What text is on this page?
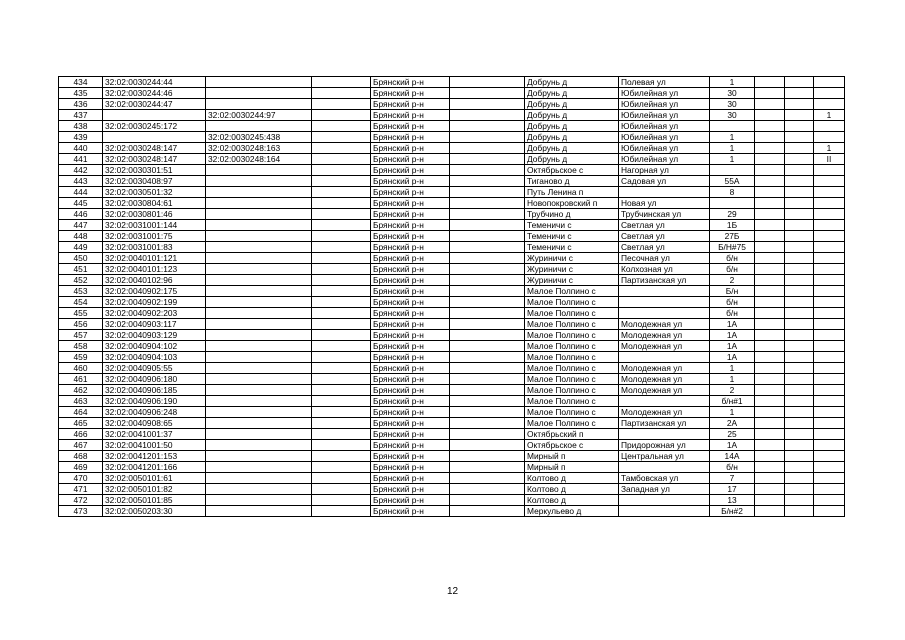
434	32:02:0030244:44			Брянский р-н		Добрунь д	Полевая ул	1			
435	32:02:0030244:46			Брянский р-н		Добрунь д	Юбилейная ул	30			
436	32:02:0030244:47			Брянский р-н		Добрунь д	Юбилейная ул	30			
437		32:02:0030244:97		Брянский р-н		Добрунь д	Юбилейная ул	30			1
438	32:02:0030245:172			Брянский р-н		Добрунь д	Юбилейная ул				
439		32:02:0030245:438		Брянский р-н		Добрунь д	Юбилейная ул	1			
440	32:02:0030248:147	32:02:0030248:163		Брянский р-н		Добрунь д	Юбилейная ул	1			1
441	32:02:0030248:147	32:02:0030248:164		Брянский р-н		Добрунь д	Юбилейная ул	1			II
442	32:02:0030301:51			Брянский р-н		Октябрьское с	Нагорная ул				
443	32:02:0030408:97			Брянский р-н		Тиганово д	Садовая ул	55А			
444	32:02:0030501:32			Брянский р-н		Путь Ленина п		8			
445	32:02:0030804:61			Брянский р-н		Новопокровский п	Новая ул				
446	32:02:0030801:46			Брянский р-н		Трубчино д	Трубчинская ул	29			
447	32:02:0031001:144			Брянский р-н		Теменичи с	Светлая ул	1Б			
448	32:02:0031001:75			Брянский р-н		Теменичи с	Светлая ул	27Б			
449	32:02:0031001:83			Брянский р-н		Теменичи с	Светлая ул	Б/Н#75			
450	32:02:0040101:121			Брянский р-н		Журиничи с	Песочная ул	б/н			
451	32:02:0040101:123			Брянский р-н		Журиничи с	Колхозная ул	б/н			
452	32:02:0040102:96			Брянский р-н		Журиничи с	Партизанская ул	2			
453	32:02:0040902:175			Брянский р-н		Малое Полпино с		Б/н			
454	32:02:0040902:199			Брянский р-н		Малое Полпино с		б/н			
455	32:02:0040902:203			Брянский р-н		Малое Полпино с		б/н			
456	32:02:0040903:117			Брянский р-н		Малое Полпино с	Молодежная ул	1А			
457	32:02:0040903:129			Брянский р-н		Малое Полпино с	Молодежная ул	1А			
458	32:02:0040904:102			Брянский р-н		Малое Полпино с	Молодежная ул	1А			
459	32:02:0040904:103			Брянский р-н		Малое Полпино с		1А			
460	32:02:0040905:55			Брянский р-н		Малое Полпино с	Молодежная ул	1			
461	32:02:0040906:180			Брянский р-н		Малое Полпино с	Молодежная ул	1			
462	32:02:0040906:185			Брянский р-н		Малое Полпино с	Молодежная ул	2			
463	32:02:0040906:190			Брянский р-н		Малое Полпино с		б/н#1			
464	32:02:0040906:248			Брянский р-н		Малое Полпино с	Молодежная ул	1			
465	32:02:0040908:65			Брянский р-н		Малое Полпино с	Партизанская ул	2А			
466	32:02:0041001:37			Брянский р-н		Октябрьский п		25			
467	32:02:0041001:50			Брянский р-н		Октябрьское с	Придорожная ул	1А			
468	32:02:0041201:153			Брянский р-н		Мирный п	Центральная ул	14А			
469	32:02:0041201:166			Брянский р-н		Мирный п		б/н			
470	32:02:0050101:61			Брянский р-н		Колтово д	Тамбовская ул	7			
471	32:02:0050101:82			Брянский р-н		Колтово д	Западная ул	17			
472	32:02:0050101:85			Брянский р-н		Колтово д		13			
473	32:02:0050203:30			Брянский р-н		Меркульево д		Б/н#2			
12
